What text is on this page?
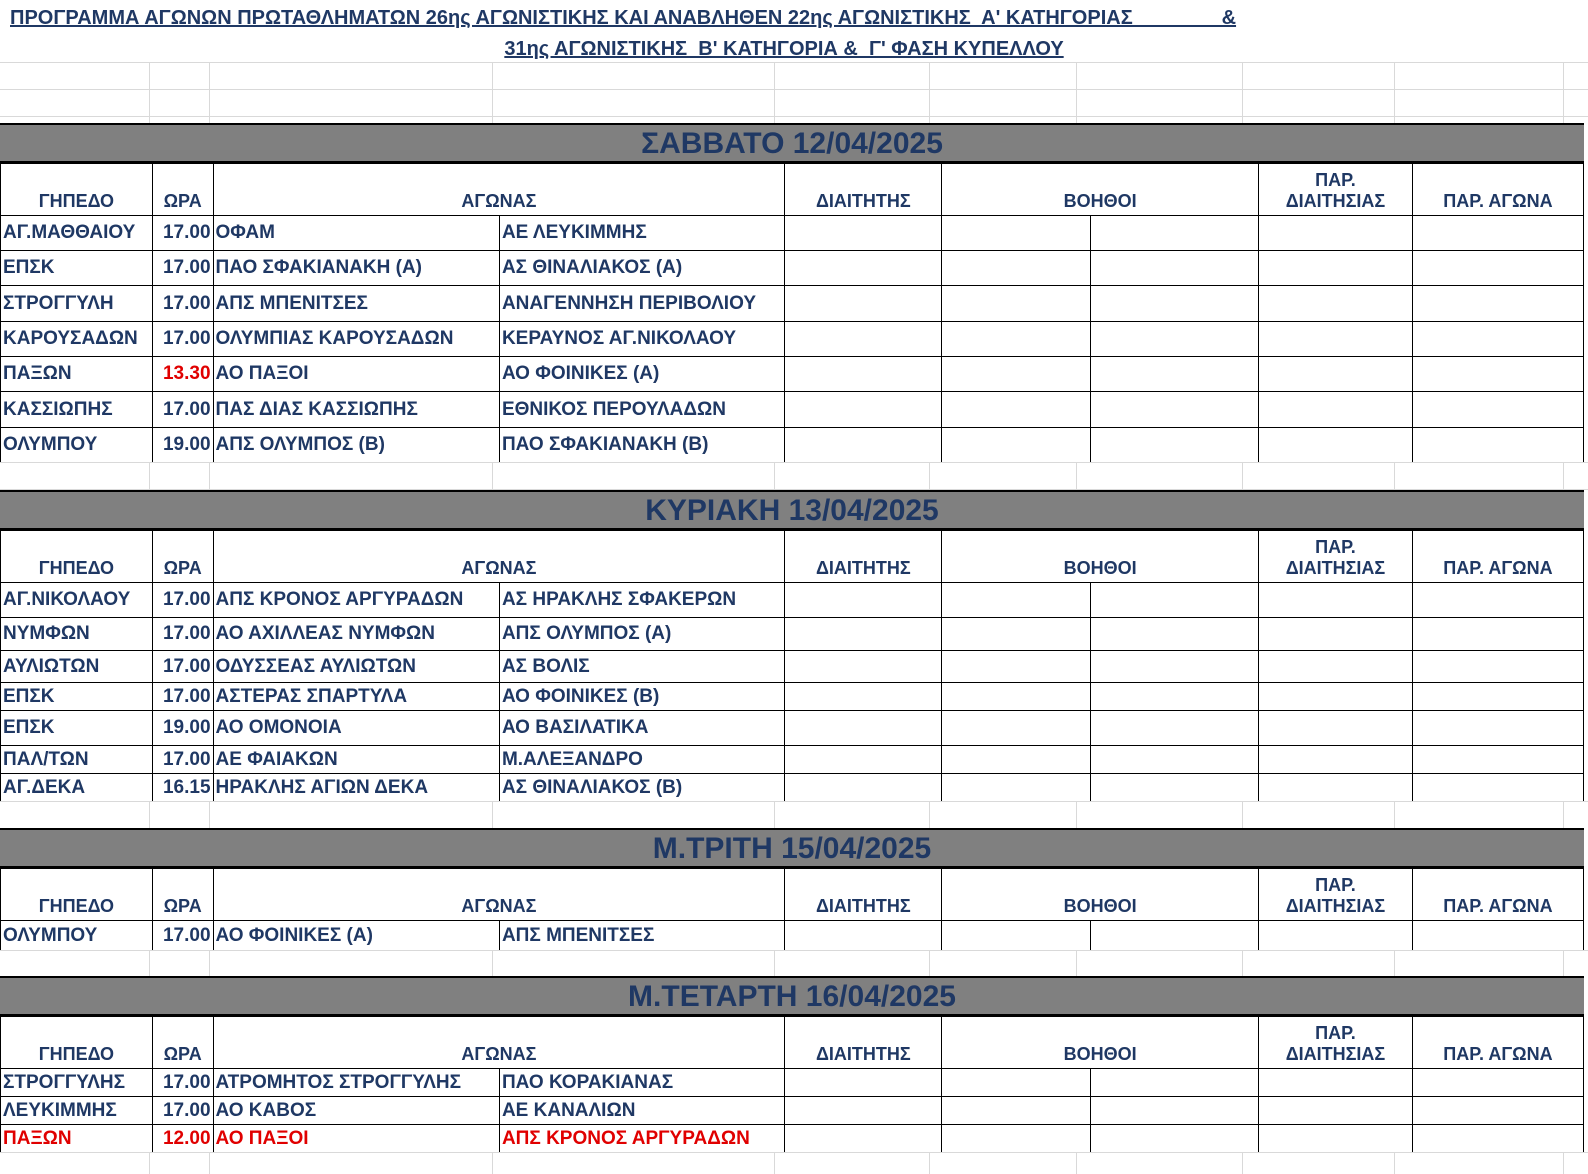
ΠΡΟΓΡΑΜΜΑ ΑΓΩΝΩΝ ΠΡΩΤΑΘΛΗΜΑΤΩΝ 26ης ΑΓΩΝΙΣΤΙΚΗΣ ΚΑΙ ΑΝΑΒΛΗΘΕΝ 22ης ΑΓΩΝΙΣΤΙΚΗΣ  Α' ΚΑΤΗΓΟΡΙΑΣ                &
31ης ΑΓΩΝΙΣΤΙΚΗΣ  Β' ΚΑΤΗΓΟΡΙΑ &  Γ' ΦΑΣΗ ΚΥΠΕΛΛΟΥ
ΣΑΒΒΑΤΟ 12/04/2025
ΓΗΠΕΔΟ	ΩΡΑ	ΑΓΩΝΑΣ		ΔΙΑΙΤΗΤΗΣ	ΒΟΗΘΟΙ		ΠΑΡ.
ΔΙΑΙΤΗΣΙΑΣ	ΠΑΡ. ΑΓΩΝΑ
ΑΓ.ΜΑΘΘΑΙΟΥ	17.00	ΟΦΑΜ	ΑΕ ΛΕΥΚΙΜΜΗΣ					
ΕΠΣΚ	17.00	ΠΑΟ ΣΦΑΚΙΑΝΑΚΗ (Α)	ΑΣ ΘΙΝΑΛΙΑΚΟΣ (Α)					
ΣΤΡΟΓΓΥΛΗ	17.00	ΑΠΣ ΜΠΕΝΙΤΣΕΣ	ΑΝΑΓΕΝΝΗΣΗ ΠΕΡΙΒΟΛΙΟΥ					
ΚΑΡΟΥΣΑΔΩΝ	17.00	ΟΛΥΜΠΙΑΣ ΚΑΡΟΥΣΑΔΩΝ	ΚΕΡΑΥΝΟΣ ΑΓ.ΝΙΚΟΛΑΟΥ					
ΠΑΞΩΝ	13.30	ΑΟ ΠΑΞΟΙ	ΑΟ ΦΟΙΝΙΚΕΣ (Α)					
ΚΑΣΣΙΩΠΗΣ	17.00	ΠΑΣ ΔΙΑΣ ΚΑΣΣΙΩΠΗΣ	ΕΘΝΙΚΟΣ ΠΕΡΟΥΛΑΔΩΝ					
ΟΛΥΜΠΟΥ	19.00	ΑΠΣ ΟΛΥΜΠΟΣ (Β)	ΠΑΟ ΣΦΑΚΙΑΝΑΚΗ (Β)					
ΚΥΡΙΑΚΗ 13/04/2025
ΓΗΠΕΔΟ	ΩΡΑ	ΑΓΩΝΑΣ		ΔΙΑΙΤΗΤΗΣ	ΒΟΗΘΟΙ		ΠΑΡ.
ΔΙΑΙΤΗΣΙΑΣ	ΠΑΡ. ΑΓΩΝΑ
ΑΓ.ΝΙΚΟΛΑΟΥ	17.00	ΑΠΣ ΚΡΟΝΟΣ ΑΡΓΥΡΑΔΩΝ	ΑΣ ΗΡΑΚΛΗΣ ΣΦΑΚΕΡΩΝ					
ΝΥΜΦΩΝ	17.00	ΑΟ ΑΧΙΛΛΕΑΣ ΝΥΜΦΩΝ	ΑΠΣ ΟΛΥΜΠΟΣ (Α)					
ΑΥΛΙΩΤΩΝ	17.00	ΟΔΥΣΣΕΑΣ ΑΥΛΙΩΤΩΝ	ΑΣ ΒΟΛΙΣ					
ΕΠΣΚ	17.00	ΑΣΤΕΡΑΣ ΣΠΑΡΤΥΛΑ	ΑΟ ΦΟΙΝΙΚΕΣ (Β)					
ΕΠΣΚ	19.00	ΑΟ ΟΜΟΝΟΙΑ	ΑΟ ΒΑΣΙΛΑΤΙΚΑ					
ΠΑΛ/ΤΩΝ	17.00	ΑΕ ΦΑΙΑΚΩΝ	Μ.ΑΛΕΞΑΝΔΡΟ					
ΑΓ.ΔΕΚΑ	16.15	ΗΡΑΚΛΗΣ ΑΓΙΩΝ ΔΕΚΑ	ΑΣ ΘΙΝΑΛΙΑΚΟΣ (Β)					
Μ.ΤΡΙΤΗ 15/04/2025
ΓΗΠΕΔΟ	ΩΡΑ	ΑΓΩΝΑΣ		ΔΙΑΙΤΗΤΗΣ	ΒΟΗΘΟΙ		ΠΑΡ.
ΔΙΑΙΤΗΣΙΑΣ	ΠΑΡ. ΑΓΩΝΑ
ΟΛΥΜΠΟΥ	17.00	ΑΟ ΦΟΙΝΙΚΕΣ (Α)	ΑΠΣ ΜΠΕΝΙΤΣΕΣ					
Μ.ΤΕΤΑΡΤΗ 16/04/2025
ΓΗΠΕΔΟ	ΩΡΑ	ΑΓΩΝΑΣ		ΔΙΑΙΤΗΤΗΣ	ΒΟΗΘΟΙ		ΠΑΡ.
ΔΙΑΙΤΗΣΙΑΣ	ΠΑΡ. ΑΓΩΝΑ
ΣΤΡΟΓΓΥΛΗΣ	17.00	ΑΤΡΟΜΗΤΟΣ ΣΤΡΟΓΓΥΛΗΣ	ΠΑΟ ΚΟΡΑΚΙΑΝΑΣ					
ΛΕΥΚΙΜΜΗΣ	17.00	ΑΟ ΚΑΒΟΣ	ΑΕ ΚΑΝΑΛΙΩΝ					
ΠΑΞΩΝ	12.00	ΑΟ ΠΑΞΟΙ	ΑΠΣ ΚΡΟΝΟΣ ΑΡΓΥΡΑΔΩΝ					
